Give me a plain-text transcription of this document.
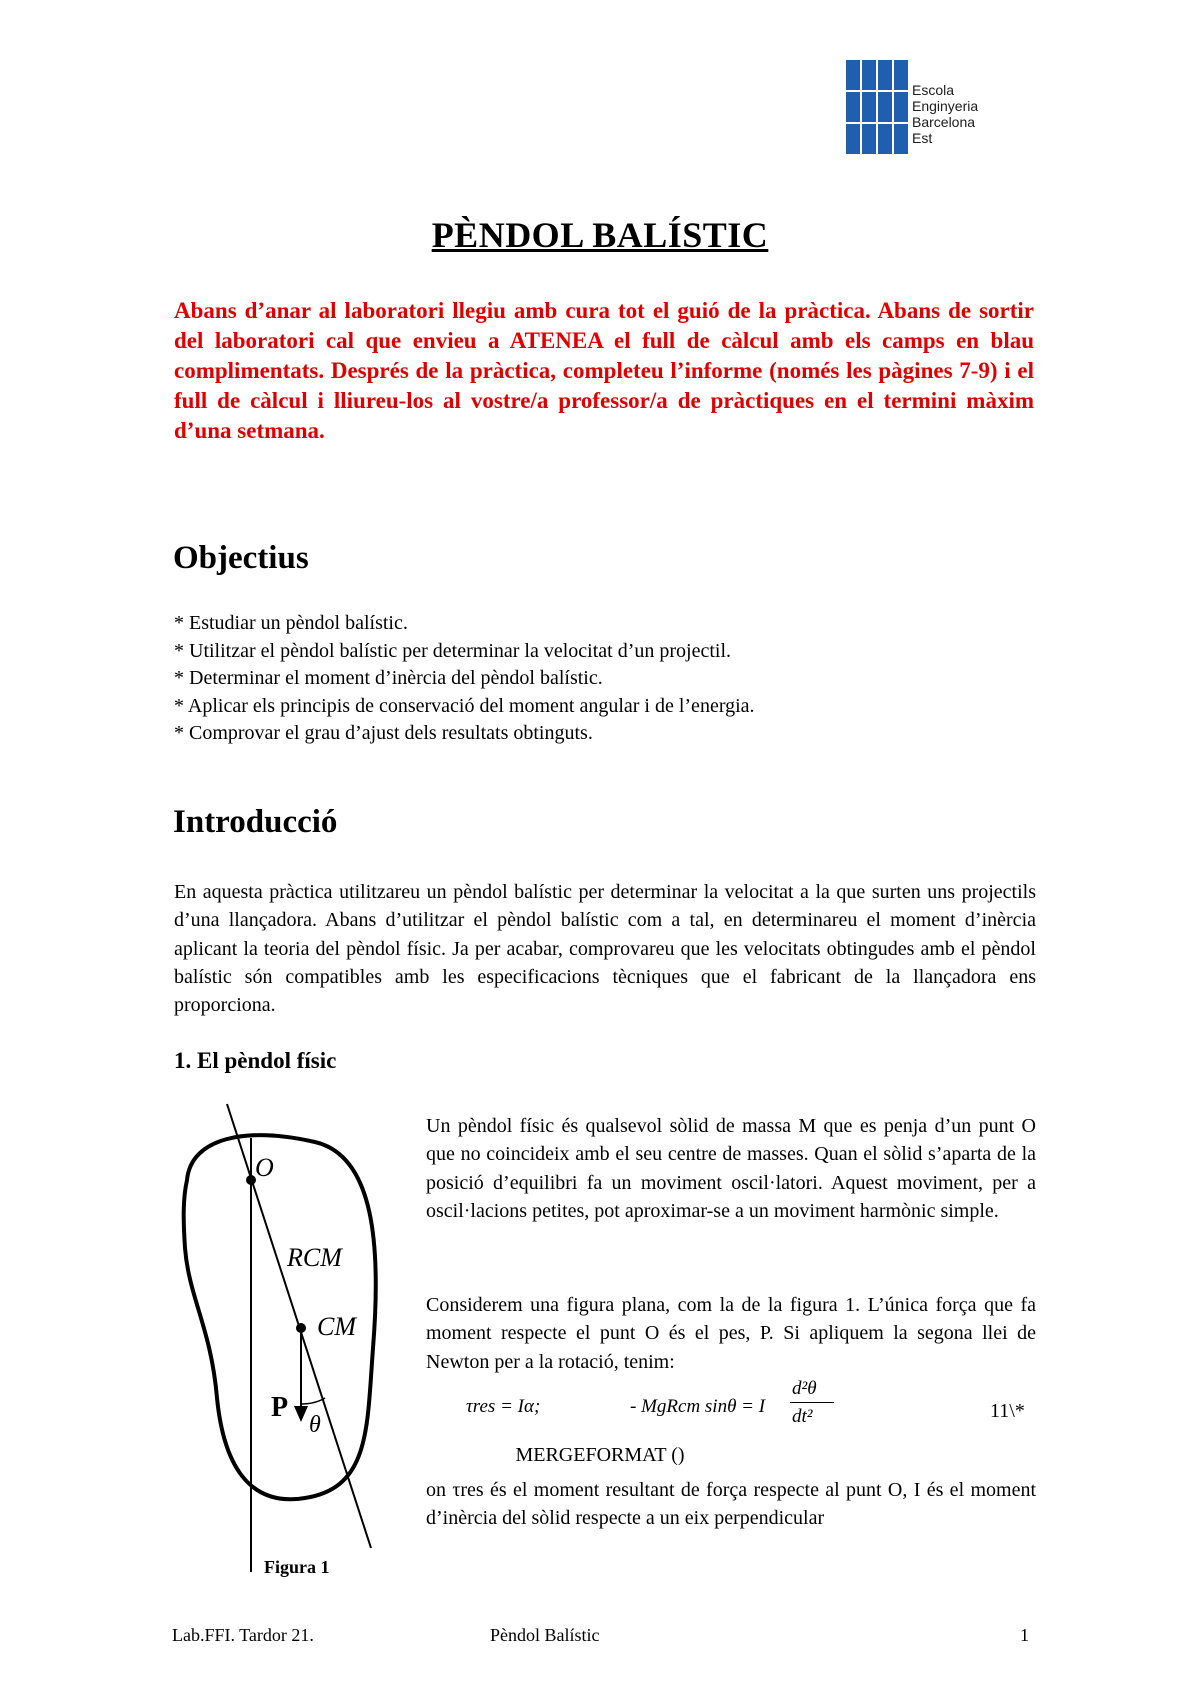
Escola
Enginyeria
Barcelona
Est
PÈNDOL BALÍSTIC
Abans d’anar al laboratori llegiu amb cura tot el guió de la pràctica. Abans de sortir del laboratori cal que envieu a ATENEA el full de càlcul amb els camps en blau complimentats. Després de la pràctica, completeu l’informe (només les pàgines 7-9) i el full de càlcul i lliureu-los al vostre/a professor/a de pràctiques en el termini màxim d’una setmana.
Objectius
* Estudiar un pèndol balístic.
* Utilitzar el pèndol balístic per determinar la velocitat d’un projectil.
* Determinar el moment d’inèrcia del pèndol balístic.
* Aplicar els principis de conservació del moment angular i de l’energia.
* Comprovar el grau d’ajust dels resultats obtinguts.
Introducció
En aquesta pràctica utilitzareu un pèndol balístic per determinar la velocitat a la que surten uns projectils d’una llançadora. Abans d’utilitzar el pèndol balístic com a tal, en determinareu el moment d’inèrcia aplicant la teoria del pèndol físic. Ja per acabar, comprovareu que les velocitats obtingudes amb el pèndol balístic són compatibles amb les especificacions tècniques que el fabricant de la llançadora ens proporciona.
1. El pèndol físic
O
RCM
CM
P
θ
Figura 1
Un pèndol físic és qualsevol sòlid de massa M que es penja d’un punt O que no coincideix amb el seu centre de masses. Quan el sòlid s’aparta de la posició d’equilibri fa un moviment oscil·latori. Aquest moviment, per a oscil·lacions petites, pot aproximar-se a un moviment harmònic simple.
Considerem una figura plana, com la de la figura 1. L’única força que fa moment respecte el punt O és el pes, P. Si apliquem la segona llei de Newton per a la rotació, tenim:
τres = Iα;	- MgRcm sinθ = I
d²θ
dt²	11\*
MERGEFORMAT ()
on τres és el moment resultant de força respecte al punt O, I és el moment d’inèrcia del sòlid respecte a un eix perpendicular
Lab.FFI. Tardor 21.	Pèndol Balístic	1
